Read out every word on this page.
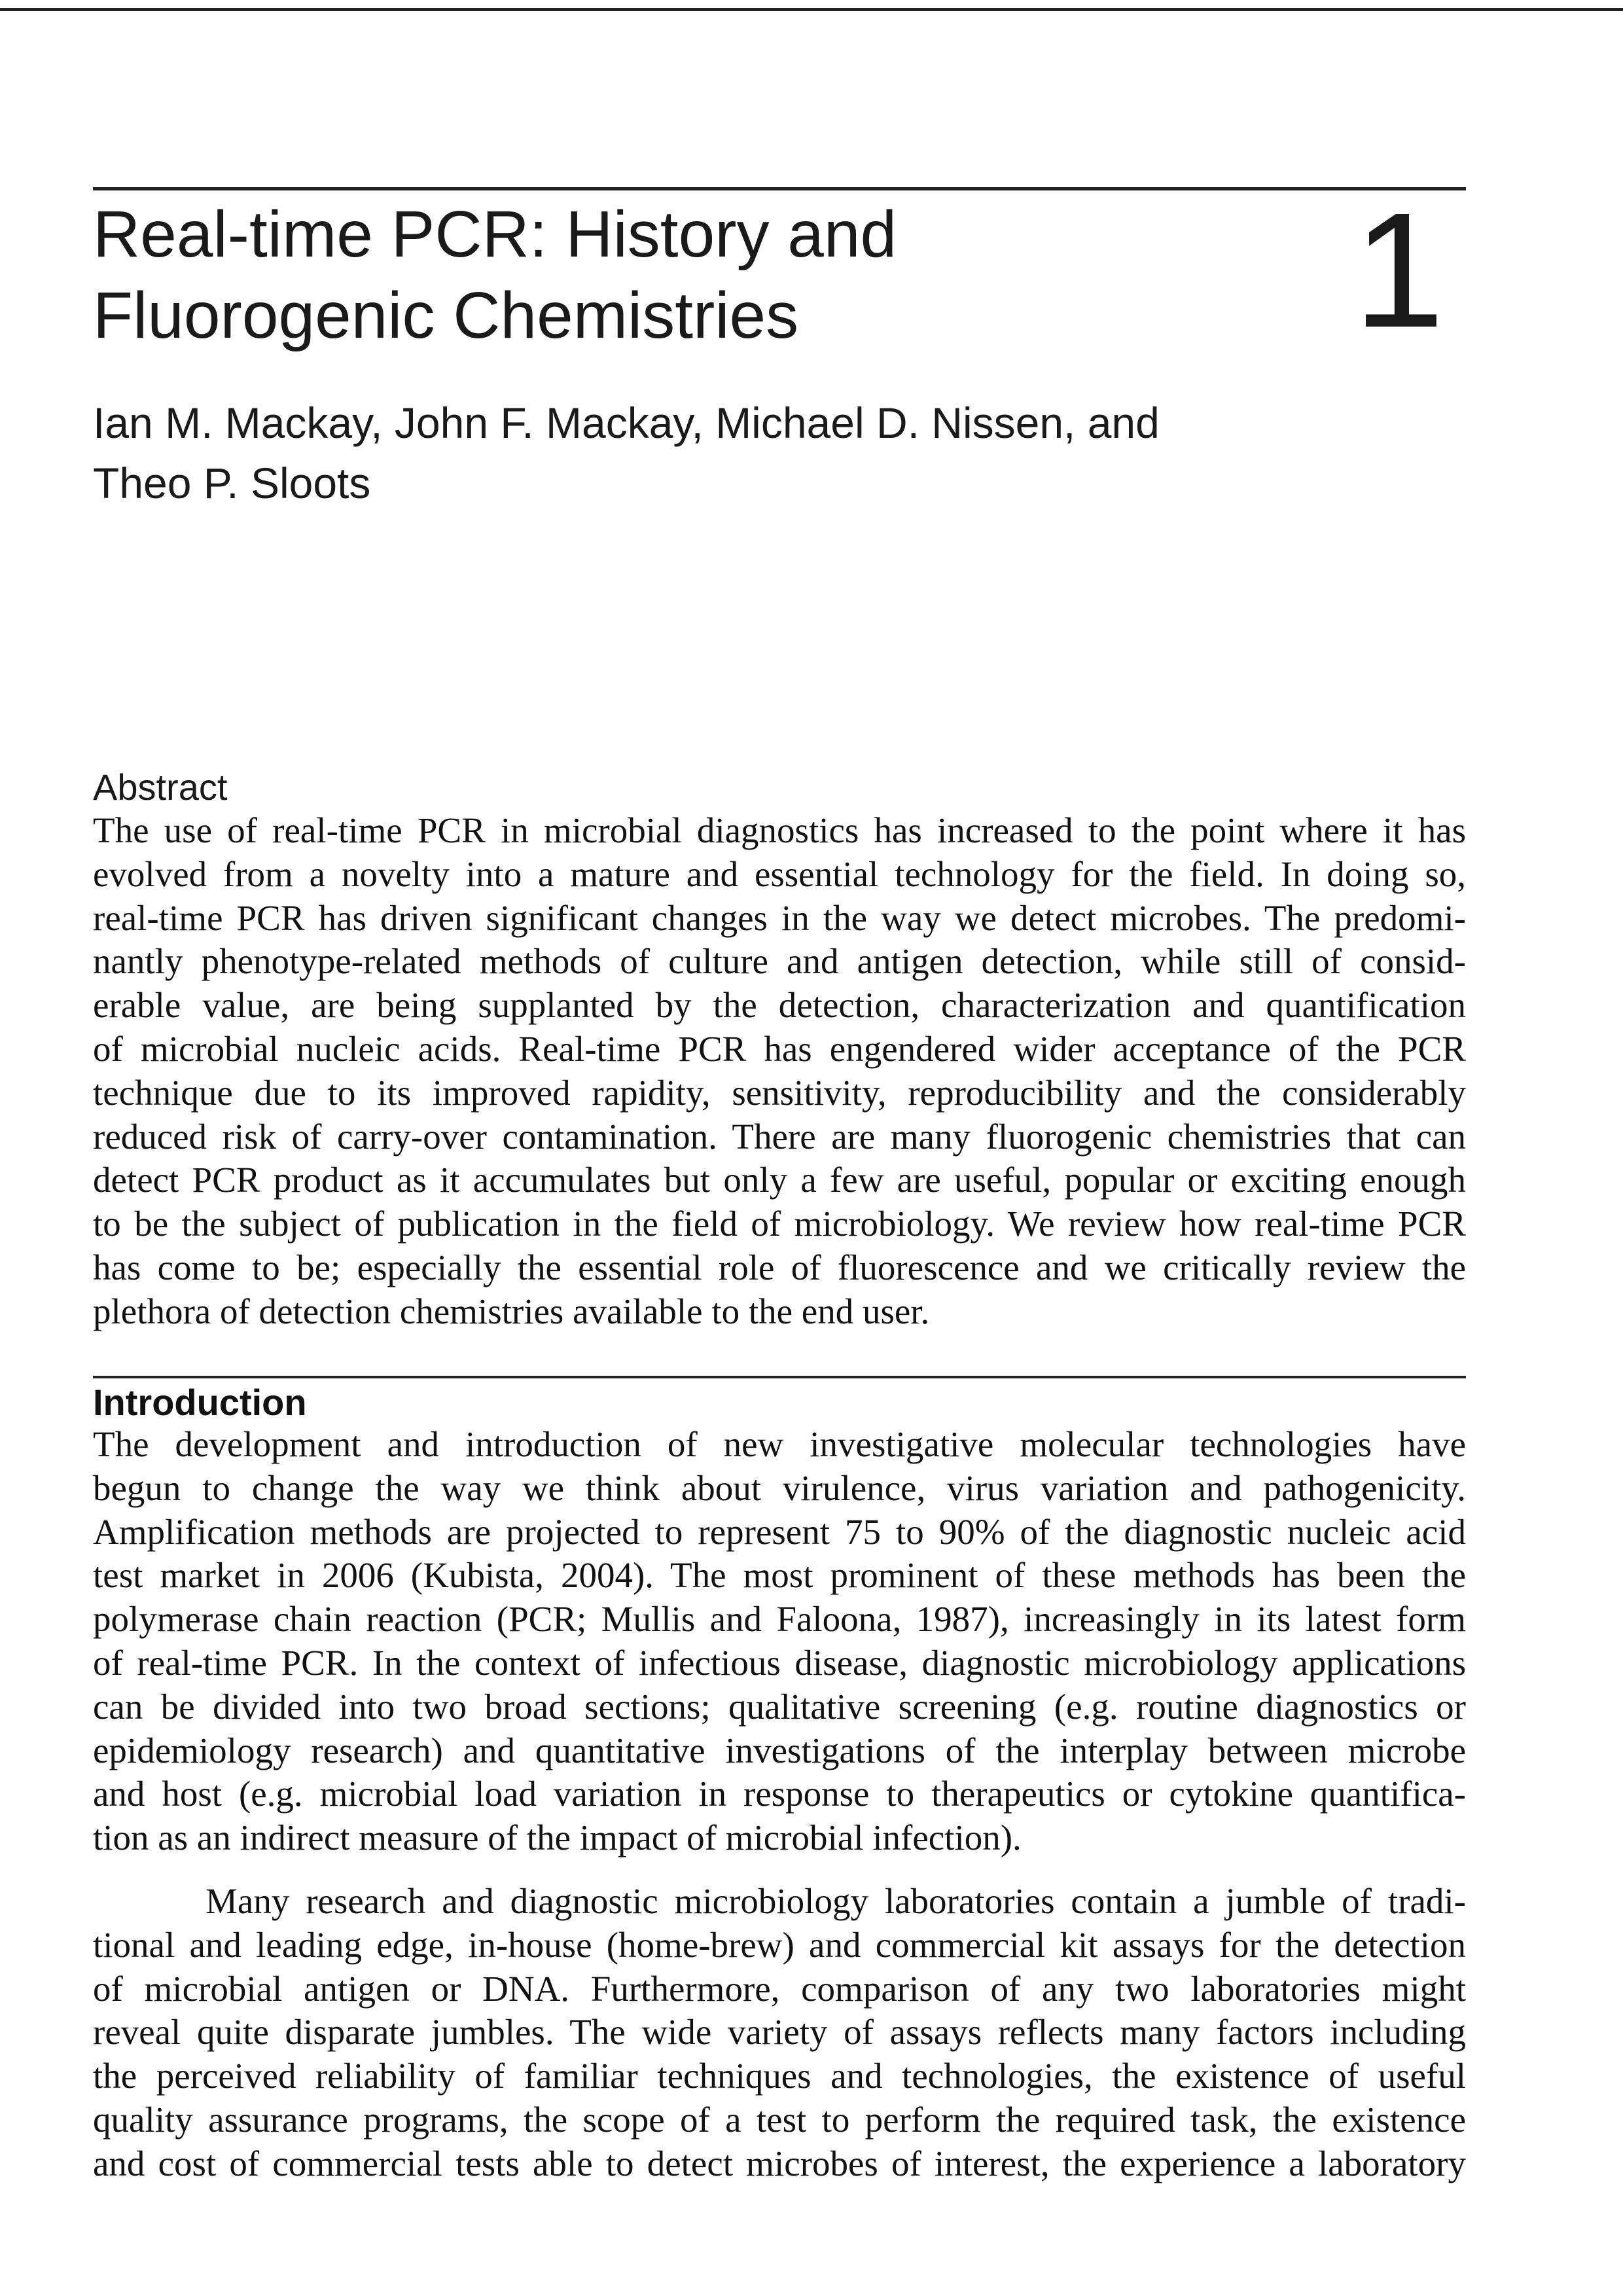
Real-time PCR: History and
Fluorogenic Chemistries	1
Ian M. Mackay, John F. Mackay, Michael D. Nissen, and
Theo P. Sloots
Abstract
The use of real-time PCR in microbial diagnostics has increased to the point where it has
evolved from a novelty into a mature and essential technology for the field. In doing so,
real-time PCR has driven significant changes in the way we detect microbes. The predomi-
nantly phenotype-related methods of culture and antigen detection, while still of consid-
erable value, are being supplanted by the detection, characterization and quantification
of microbial nucleic acids. Real-time PCR has engendered wider acceptance of the PCR
technique due to its improved rapidity, sensitivity, reproducibility and the considerably
reduced risk of carry-over contamination. There are many fluorogenic chemistries that can
detect PCR product as it accumulates but only a few are useful, popular or exciting enough
to be the subject of publication in the field of microbiology. We review how real-time PCR
has come to be; especially the essential role of fluorescence and we critically review the
plethora of detection chemistries available to the end user.
Introduction
The development and introduction of new investigative molecular technologies have
begun to change the way we think about virulence, virus variation and pathogenicity.
Amplification methods are projected to represent 75 to 90% of the diagnostic nucleic acid
test market in 2006 (Kubista, 2004). The most prominent of these methods has been the
polymerase chain reaction (PCR; Mullis and Faloona, 1987), increasingly in its latest form
of real-time PCR. In the context of infectious disease, diagnostic microbiology applications
can be divided into two broad sections; qualitative screening (e.g. routine diagnostics or
epidemiology research) and quantitative investigations of the interplay between microbe
and host (e.g. microbial load variation in response to therapeutics or cytokine quantifica-
tion as an indirect measure of the impact of microbial infection).
Many research and diagnostic microbiology laboratories contain a jumble of tradi-
tional and leading edge, in-house (home-brew) and commercial kit assays for the detection
of microbial antigen or DNA. Furthermore, comparison of any two laboratories might
reveal quite disparate jumbles. The wide variety of assays reflects many factors including
the perceived reliability of familiar techniques and technologies, the existence of useful
quality assurance programs, the scope of a test to perform the required task, the existence
and cost of commercial tests able to detect microbes of interest, the experience a laboratory
